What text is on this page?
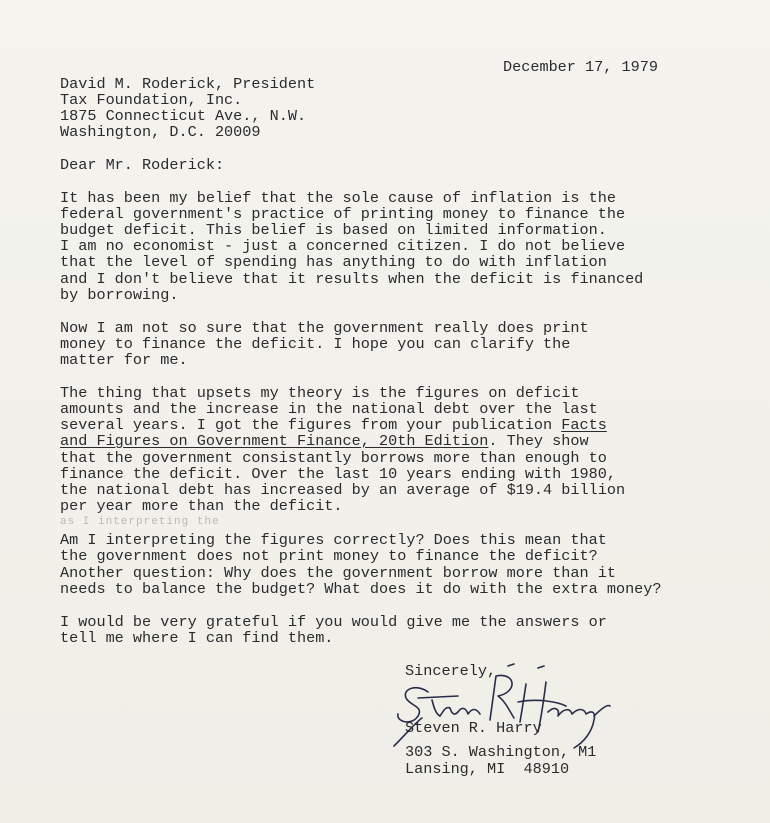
December 17, 1979
David M. Roderick, President
Tax Foundation, Inc.
1875 Connecticut Ave., N.W.
Washington, D.C. 20009
Dear Mr. Roderick:
It has been my belief that the sole cause of inflation is the
federal government's practice of printing money to finance the
budget deficit. This belief is based on limited information.
I am no economist - just a concerned citizen. I do not believe
that the level of spending has anything to do with inflation
and I don't believe that it results when the deficit is financed
by borrowing.
Now I am not so sure that the government really does print
money to finance the deficit. I hope you can clarify the
matter for me.
The thing that upsets my theory is the figures on deficit
amounts and the increase in the national debt over the last
several years. I got the figures from your publication Facts
and Figures on Government Finance, 20th Edition. They show
that the government consistantly borrows more than enough to
finance the deficit. Over the last 10 years ending with 1980,
the national debt has increased by an average of $19.4 billion
per year more than the deficit.
as I interpreting the
Am I interpreting the figures correctly? Does this mean that
the government does not print money to finance the deficit?
Another question: Why does the government borrow more than it
needs to balance the budget? What does it do with the extra money?
I would be very grateful if you would give me the answers or
tell me where I can find them.
Sincerely,
Steven R. Harry
303 S. Washington, M1
Lansing, MI  48910
